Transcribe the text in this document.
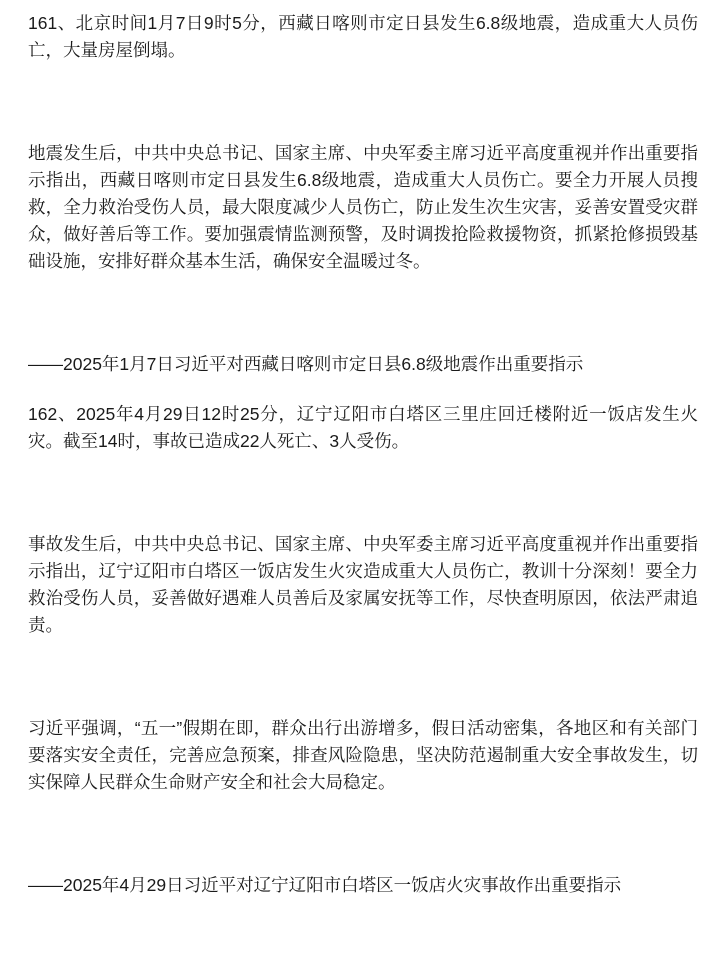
161、北京时间1月7日9时5分，西藏日喀则市定日县发生6.8级地震，造成重大人员伤亡，大量房屋倒塌。

地震发生后，中共中央总书记、国家主席、中央军委主席习近平高度重视并作出重要指示指出，西藏日喀则市定日县发生6.8级地震，造成重大人员伤亡。要全力开展人员搜救，全力救治受伤人员，最大限度减少人员伤亡，防止发生次生灾害，妥善安置受灾群众，做好善后等工作。要加强震情监测预警，及时调拨抢险救援物资，抓紧抢修损毁基础设施，安排好群众基本生活，确保安全温暖过冬。

——2025年1月7日习近平对西藏日喀则市定日县6.8级地震作出重要指示

162、2025年4月29日12时25分，辽宁辽阳市白塔区三里庄回迁楼附近一饭店发生火灾。截至14时，事故已造成22人死亡、3人受伤。

事故发生后，中共中央总书记、国家主席、中央军委主席习近平高度重视并作出重要指示指出，辽宁辽阳市白塔区一饭店发生火灾造成重大人员伤亡，教训十分深刻！要全力救治受伤人员，妥善做好遇难人员善后及家属安抚等工作，尽快查明原因，依法严肃追责。

习近平强调，“五一”假期在即，群众出行出游增多，假日活动密集，各地区和有关部门要落实安全责任，完善应急预案，排查风险隐患，坚决防范遏制重大安全事故发生，切实保障人民群众生命财产安全和社会大局稳定。

——2025年4月29日习近平对辽宁辽阳市白塔区一饭店火灾事故作出重要指示
